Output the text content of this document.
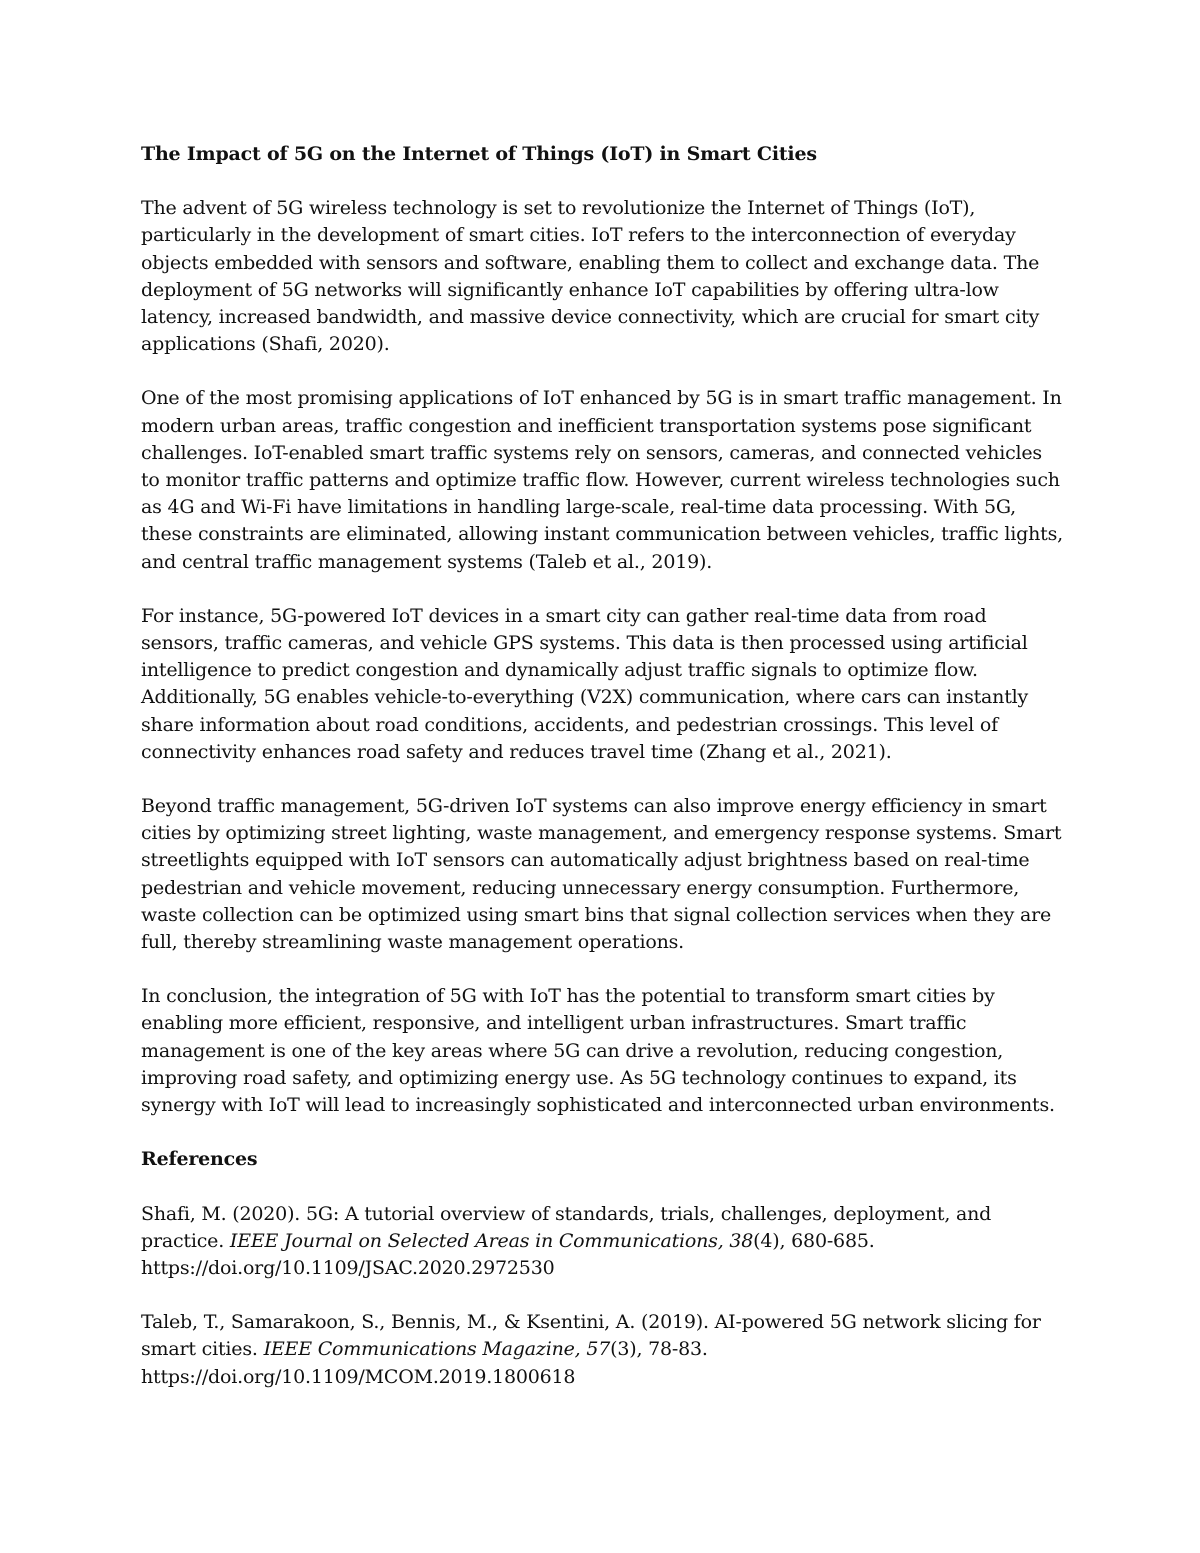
The Impact of 5G on the Internet of Things (IoT) in Smart Cities

The advent of 5G wireless technology is set to revolutionize the Internet of Things (IoT), particularly in the development of smart cities. IoT refers to the interconnection of everyday objects embedded with sensors and software, enabling them to collect and exchange data. The deployment of 5G networks will significantly enhance IoT capabilities by offering ultra-low latency, increased bandwidth, and massive device connectivity, which are crucial for smart city applications (Shafi, 2020).

One of the most promising applications of IoT enhanced by 5G is in smart traffic management. In modern urban areas, traffic congestion and inefficient transportation systems pose significant challenges. IoT-enabled smart traffic systems rely on sensors, cameras, and connected vehicles to monitor traffic patterns and optimize traffic flow. However, current wireless technologies such as 4G and Wi-Fi have limitations in handling large-scale, real-time data processing. With 5G, these constraints are eliminated, allowing instant communication between vehicles, traffic lights, and central traffic management systems (Taleb et al., 2019).

For instance, 5G-powered IoT devices in a smart city can gather real-time data from road sensors, traffic cameras, and vehicle GPS systems. This data is then processed using artificial intelligence to predict congestion and dynamically adjust traffic signals to optimize flow. Additionally, 5G enables vehicle-to-everything (V2X) communication, where cars can instantly share information about road conditions, accidents, and pedestrian crossings. This level of connectivity enhances road safety and reduces travel time (Zhang et al., 2021).

Beyond traffic management, 5G-driven IoT systems can also improve energy efficiency in smart cities by optimizing street lighting, waste management, and emergency response systems. Smart streetlights equipped with IoT sensors can automatically adjust brightness based on real-time pedestrian and vehicle movement, reducing unnecessary energy consumption. Furthermore, waste collection can be optimized using smart bins that signal collection services when they are full, thereby streamlining waste management operations.

In conclusion, the integration of 5G with IoT has the potential to transform smart cities by enabling more efficient, responsive, and intelligent urban infrastructures. Smart traffic management is one of the key areas where 5G can drive a revolution, reducing congestion, improving road safety, and optimizing energy use. As 5G technology continues to expand, its synergy with IoT will lead to increasingly sophisticated and interconnected urban environments.

References

Shafi, M. (2020). 5G: A tutorial overview of standards, trials, challenges, deployment, and practice. IEEE Journal on Selected Areas in Communications, 38(4), 680-685.
https://doi.org/10.1109/JSAC.2020.2972530

Taleb, T., Samarakoon, S., Bennis, M., & Ksentini, A. (2019). AI-powered 5G network slicing for smart cities. IEEE Communications Magazine, 57(3), 78-83.
https://doi.org/10.1109/MCOM.2019.1800618
